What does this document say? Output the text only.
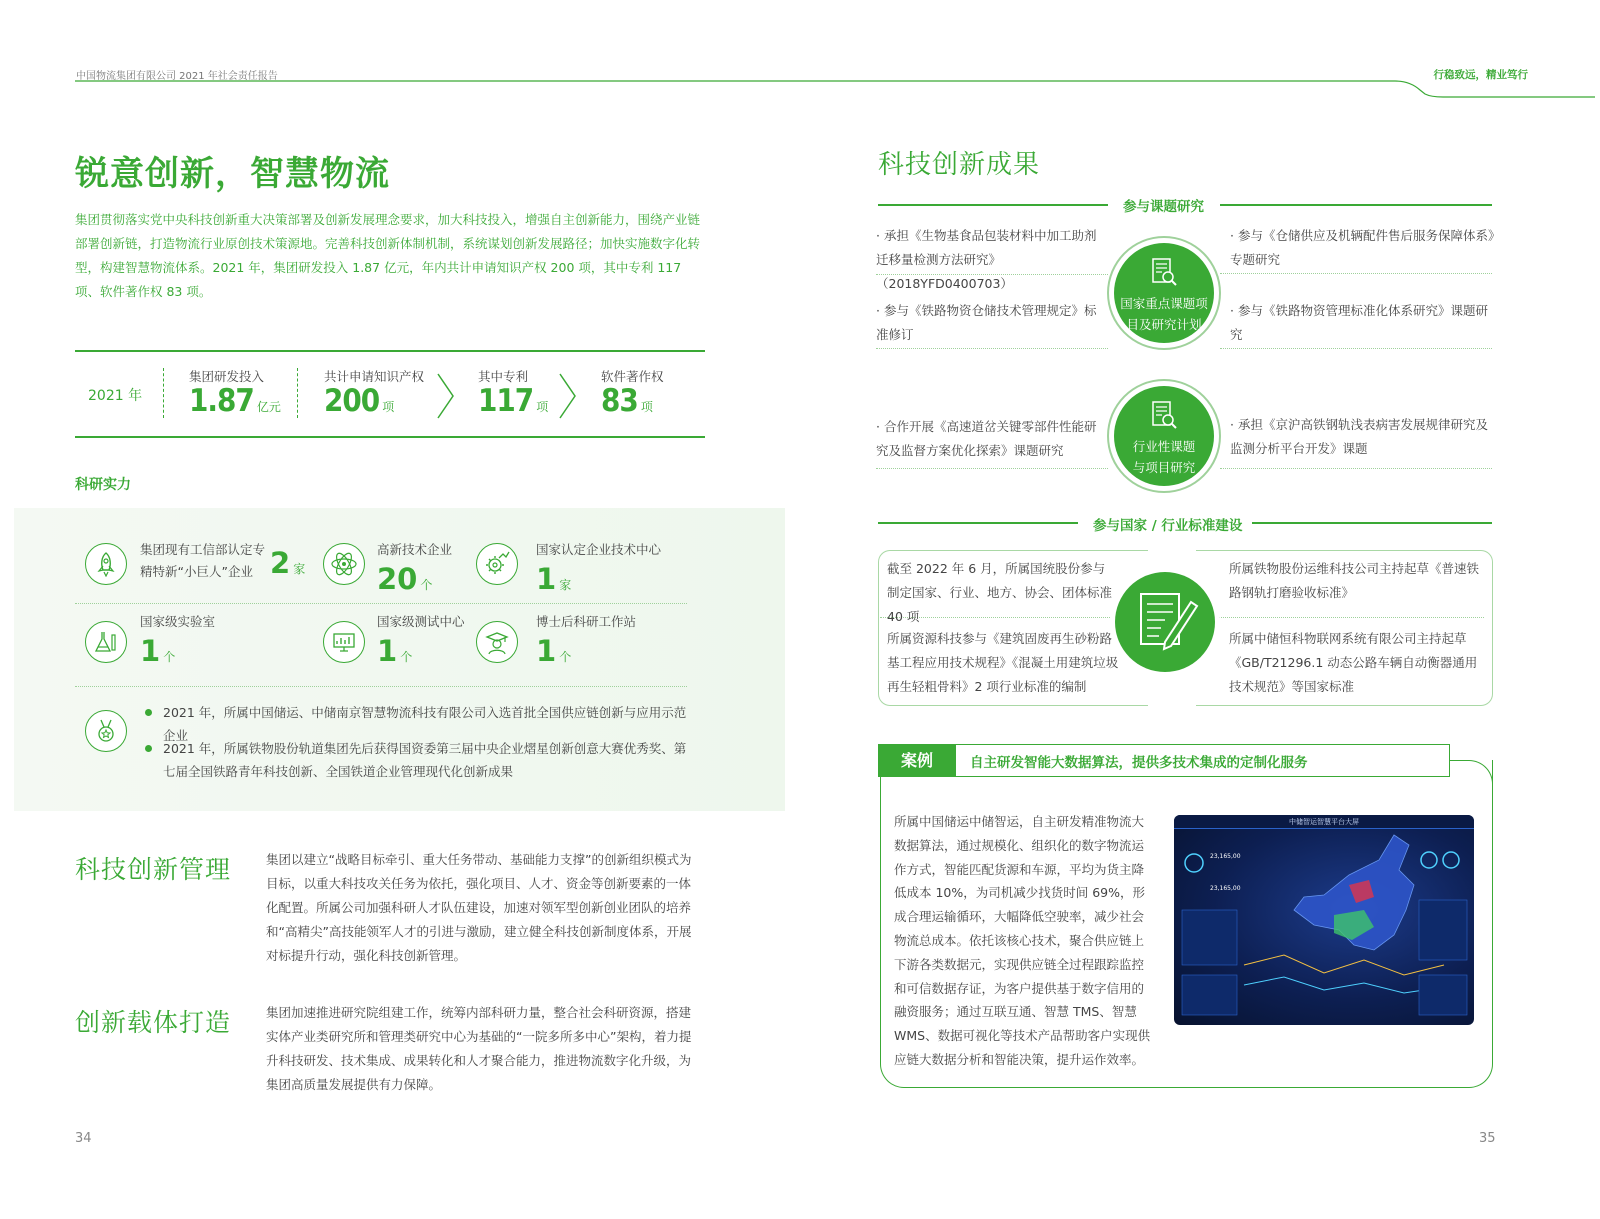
中国物流集团有限公司 2021 年社会责任报告	行稳致远，精业笃行
锐意创新，智慧物流
集团贯彻落实党中央科技创新重大决策部署及创新发展理念要求，加大科技投入，增强自主创新能力，围绕产业链部署创新链，打造物流行业原创技术策源地。完善科技创新体制机制，系统谋划创新发展路径；加快实施数字化转型，构建智慧物流体系。2021 年，集团研发投入 1.87 亿元，年内共计申请知识产权 200 项，其中专利 117 项、软件著作权 83 项。
2021 年
集团研发投入
1.87 亿元
共计申请知识产权
200 项
其中专利
117 项
软件著作权
83 项
科研实力
集团现有工信部认定专精特新“小巨人”企业 2 家
高新技术企业
20 个
国家认定企业技术中心
1 家
国家级实验室
1 个
国家级测试中心
1 个
博士后科研工作站
1 个
2021 年，所属中国储运、中储南京智慧物流科技有限公司入选首批全国供应链创新与应用示范企业
2021 年，所属铁物股份轨道集团先后获得国资委第三届中央企业熠星创新创意大赛优秀奖、第七届全国铁路青年科技创新、全国铁道企业管理现代化创新成果
科技创新管理	集团以建立“战略目标牵引、重大任务带动、基础能力支撑”的创新组织模式为目标，以重大科技攻关任务为依托，强化项目、人才、资金等创新要素的一体化配置。所属公司加强科研人才队伍建设，加速对领军型创新创业团队的培养和“高精尖”高技能领军人才的引进与激励，建立健全科技创新制度体系，开展对标提升行动，强化科技创新管理。
创新载体打造	集团加速推进研究院组建工作，统筹内部科研力量，整合社会科研资源，搭建实体产业类研究所和管理类研究中心为基础的“一院多所多中心”架构，着力提升科技研发、技术集成、成果转化和人才聚合能力，推进物流数字化升级，为集团高质量发展提供有力保障。
34
科技创新成果
参与课题研究
· 承担《生物基食品包装材料中加工助剂迁移量检测方法研究》（2018YFD0400703）
· 参与《铁路物资仓储技术管理规定》标准修订
· 参与《仓储供应及机辆配件售后服务保障体系》专题研究
· 参与《铁路物资管理标准化体系研究》课题研究
国家重点课题项
目及研究计划
· 合作开展《高速道岔关键零部件性能研究及监督方案优化探索》课题研究
· 承担《京沪高铁钢轨浅表病害发展规律研究及监测分析平台开发》课题
行业性课题
与项目研究
参与国家 / 行业标准建设
截至 2022 年 6 月，所属国统股份参与制定国家、行业、地方、协会、团体标准 40 项
所属资源科技参与《建筑固废再生砂粉路基工程应用技术规程》《混凝土用建筑垃圾再生轻粗骨料》2 项行业标准的编制
所属铁物股份运维科技公司主持起草《普速铁路钢轨打磨验收标准》
所属中储恒科物联网系统有限公司主持起草《GB/T21296.1 动态公路车辆自动衡器通用技术规范》等国家标准
案例	自主研发智能大数据算法，提供多技术集成的定制化服务
所属中国储运中储智运，自主研发精准物流大数据算法，通过规模化、组织化的数字物流运作方式，智能匹配货源和车源，平均为货主降低成本 10%，为司机减少找货时间 69%，形成合理运输循环，大幅降低空驶率，减少社会物流总成本。依托该核心技术，聚合供应链上下游各类数据元，实现供应链全过程跟踪监控和可信数据存证，为客户提供基于数字信用的融资服务；通过互联互通、智慧 TMS、智慧 WMS、数据可视化等技术产品帮助客户实现供应链大数据分析和智能决策，提升运作效率。
中储智运智慧平台大屏
23,165,00
23,165,00
35
